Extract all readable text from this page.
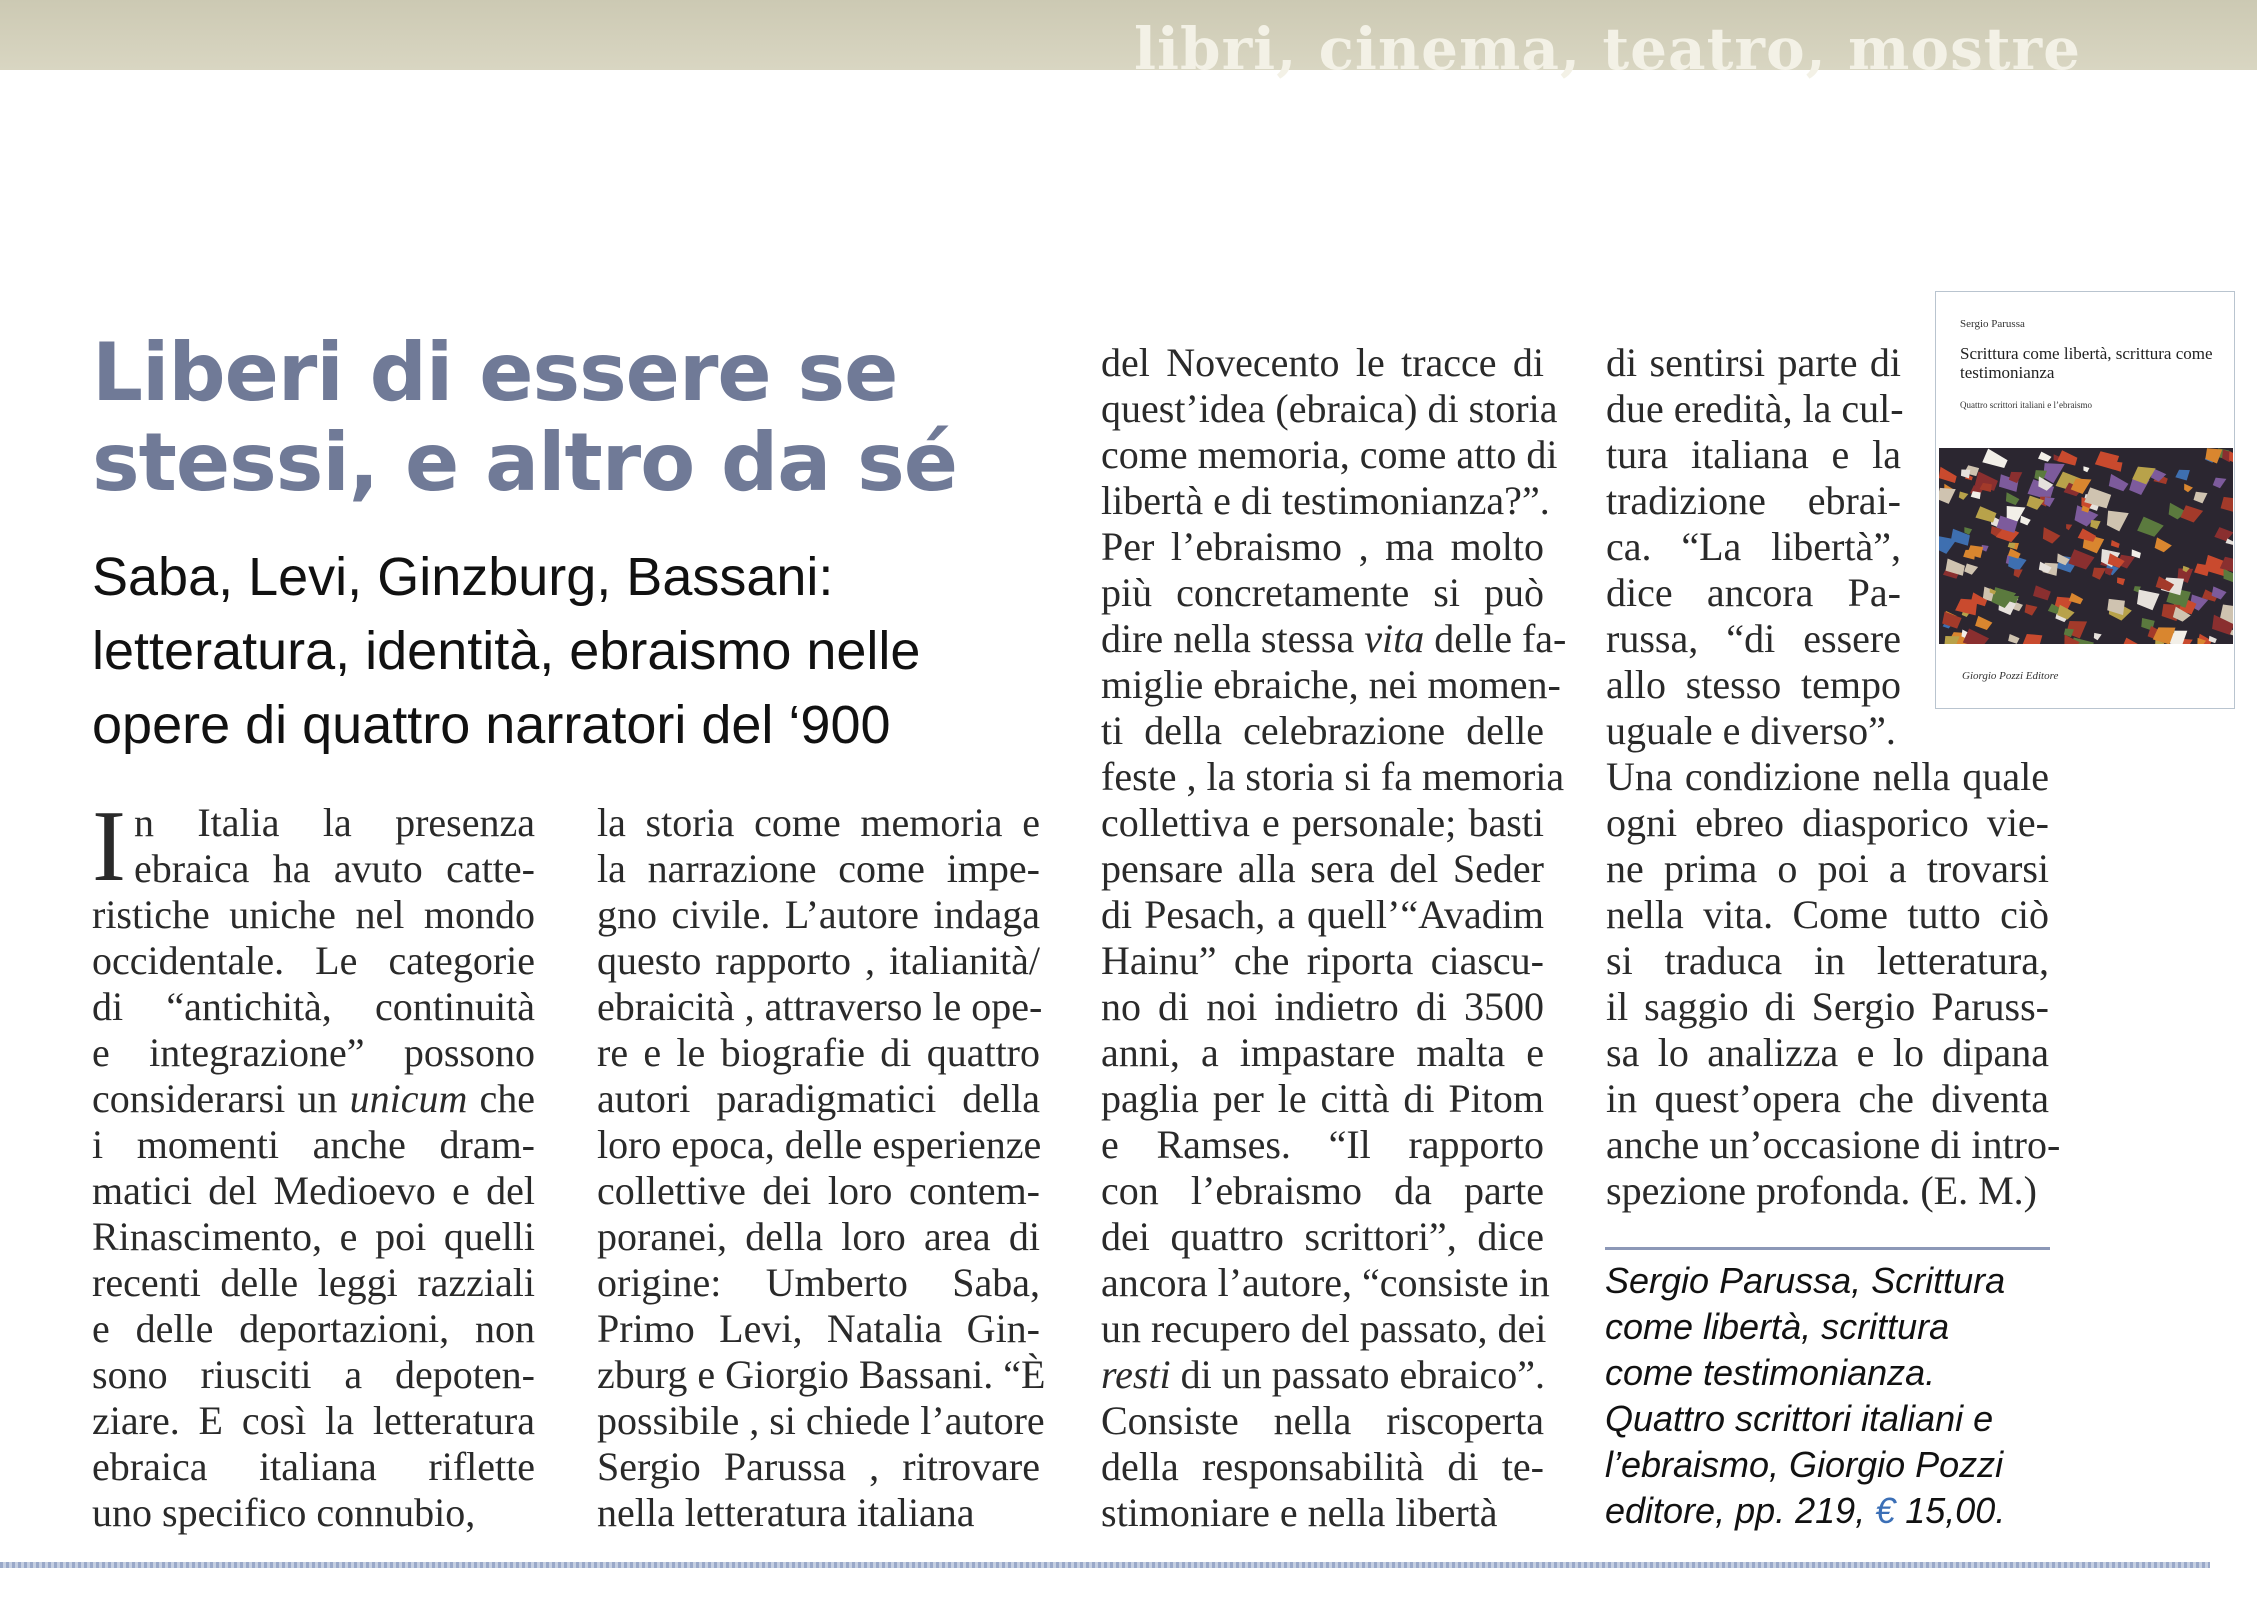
libri, cinema, teatro, mostre
Liberi di essere se
stessi, e altro da sé
Saba, Levi, Ginzburg, Bassani:
letteratura, identità, ebraismo nelle
opere di quattro narratori del ‘900
I n Italia la presenza
ebraica ha avuto catte-
ristiche uniche nel mondo
occidentale. Le categorie
di “antichità, continuità
e integrazione” possono
considerarsi un unicum che
i momenti anche dram-
matici del Medioevo e del
Rinascimento, e poi quelli
recenti delle leggi razziali
e delle deportazioni, non
sono riusciti a depoten-
ziare. E così la letteratura
ebraica italiana riflette
uno specifico connubio,
la storia come memoria e
la narrazione come impe-
gno civile. L’autore indaga
questo rapporto , italianità/
ebraicità , attraverso le ope-
re e le biografie di quattro
autori paradigmatici della
loro epoca, delle esperienze
collettive dei loro contem-
poranei, della loro area di
origine: Umberto Saba,
Primo Levi, Natalia Gin-
zburg e Giorgio Bassani. “È
possibile , si chiede l’autore
Sergio Parussa , ritrovare
nella letteratura italiana
del Novecento le tracce di
quest’idea (ebraica) di storia
come memoria, come atto di
libertà e di testimonianza?”.
Per l’ebraismo , ma molto
più concretamente si può
dire nella stessa vita delle fa-
miglie ebraiche, nei momen-
ti della celebrazione delle
feste , la storia si fa memoria
collettiva e personale; basti
pensare alla sera del Seder
di Pesach, a quell’“Avadim
Hainu” che riporta ciascu-
no di noi indietro di 3500
anni, a impastare malta e
paglia per le città di Pitom
e Ramses. “Il rapporto
con l’ebraismo da parte
dei quattro scrittori”, dice
ancora l’autore, “consiste in
un recupero del passato, dei
resti di un passato ebraico”.
Consiste nella riscoperta
della responsabilità di te-
stimoniare e nella libertà
di sentirsi parte di
due eredità, la cul-
tura italiana e la
tradizione ebrai-
ca. “La libertà”,
dice ancora Pa-
russa, “di essere
allo stesso tempo
uguale e diverso”.
Una condizione nella quale
ogni ebreo diasporico vie-
ne prima o poi a trovarsi
nella vita. Come tutto ciò
si traduca in letteratura,
il saggio di Sergio Paruss-
sa lo analizza e lo dipana
in quest’opera che diventa
anche un’occasione di intro-
spezione profonda. (E. M.)
Sergio Parussa
Scrittura come libertà, scrittura come testimonianza
Quattro scrittori italiani e l’ebraismo
Giorgio Pozzi Editore
Sergio Parussa, Scrittura
come libertà, scrittura
come testimonianza.
Quattro scrittori italiani e
l’ebraismo, Giorgio Pozzi
editore, pp. 219, € 15,00.
